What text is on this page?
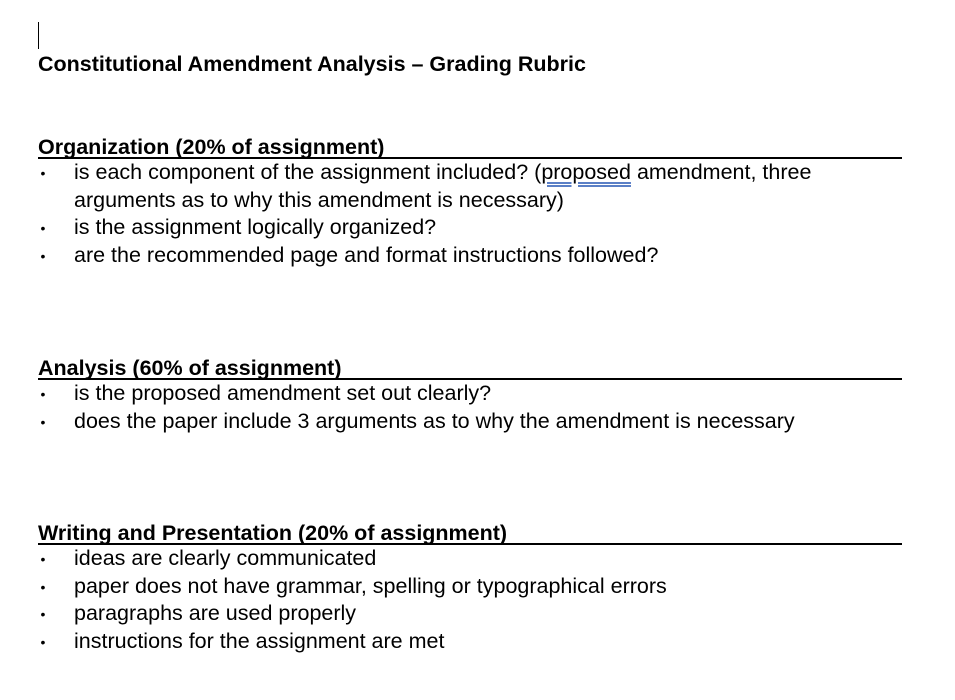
Constitutional Amendment Analysis – Grading Rubric
Organization (20% of assignment)
• is each component of the assignment included? (proposed amendment, three arguments as to why this amendment is necessary)
• is the assignment logically organized?
• are the recommended page and format instructions followed?
Analysis (60% of assignment)
• is the proposed amendment set out clearly?
• does the paper include 3 arguments as to why the amendment is necessary
Writing and Presentation (20% of assignment)
• ideas are clearly communicated
• paper does not have grammar, spelling or typographical errors
• paragraphs are used properly
• instructions for the assignment are met
